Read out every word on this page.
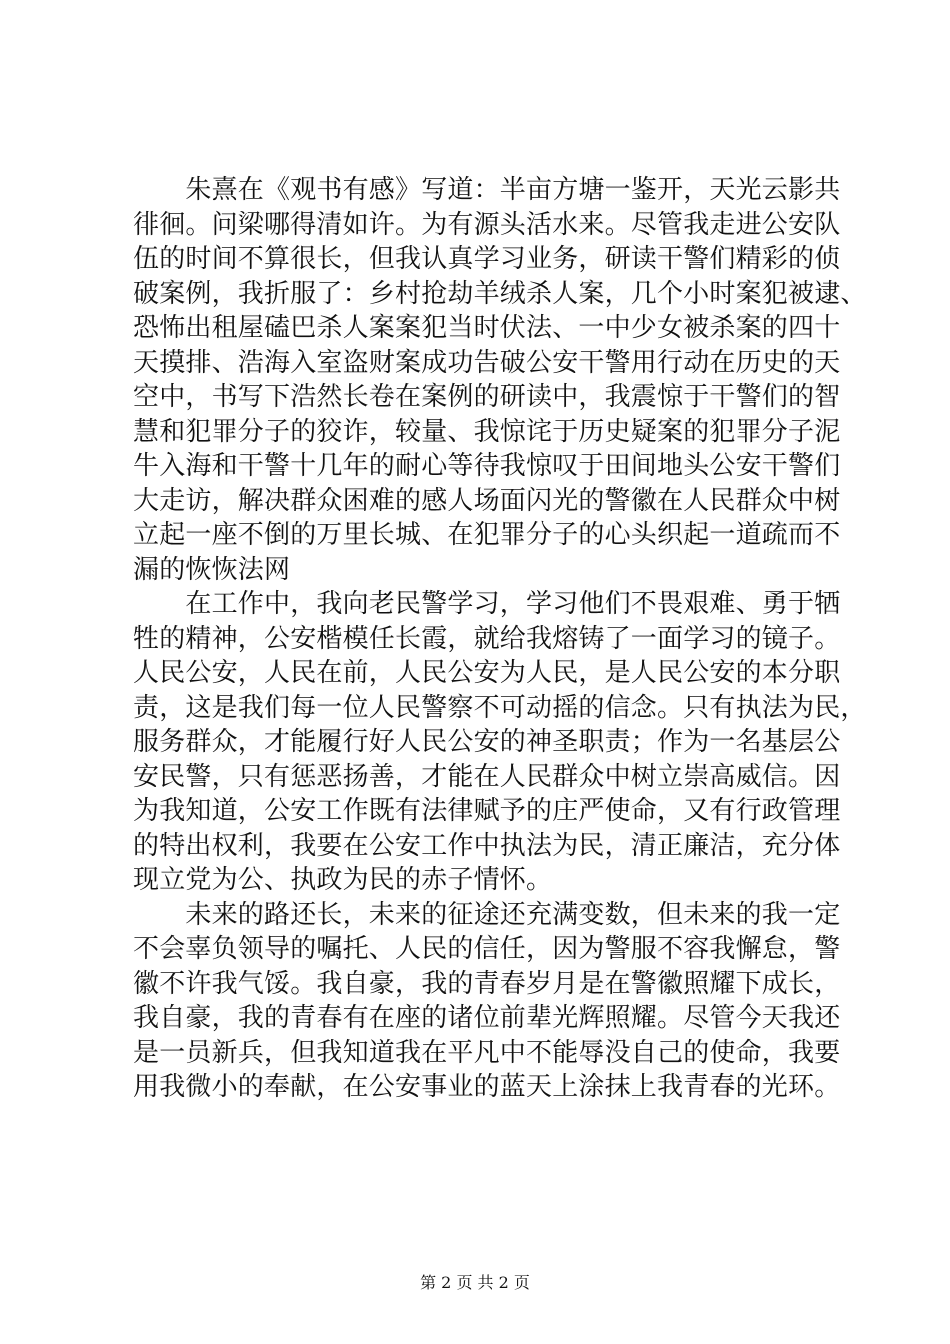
　　朱熹在《观书有感》写道：半亩方塘一鉴开，天光云影共
徘徊。问梁哪得清如许。为有源头活水来。尽管我走进公安队
伍的时间不算很长，但我认真学习业务，研读干警们精彩的侦
破案例，我折服了：乡村抢劫羊绒杀人案，几个小时案犯被逮、
恐怖出租屋磕巴杀人案案犯当时伏法、一中少女被杀案的四十
天摸排、浩海入室盗财案成功告破公安干警用行动在历史的天
空中，书写下浩然长卷在案例的研读中，我震惊于干警们的智
慧和犯罪分子的狡诈，较量、我惊诧于历史疑案的犯罪分子泥
牛入海和干警十几年的耐心等待我惊叹于田间地头公安干警们
大走访，解决群众困难的感人场面闪光的警徽在人民群众中树
立起一座不倒的万里长城、在犯罪分子的心头织起一道疏而不
漏的恢恢法网
　　在工作中，我向老民警学习，学习他们不畏艰难、勇于牺
牲的精神，公安楷模任长霞，就给我熔铸了一面学习的镜子。
人民公安，人民在前，人民公安为人民，是人民公安的本分职
责，这是我们每一位人民警察不可动摇的信念。只有执法为民，
服务群众，才能履行好人民公安的神圣职责；作为一名基层公
安民警，只有惩恶扬善，才能在人民群众中树立崇高威信。因
为我知道，公安工作既有法律赋予的庄严使命，又有行政管理
的特出权利，我要在公安工作中执法为民，清正廉洁，充分体
现立党为公、执政为民的赤子情怀。
　　未来的路还长，未来的征途还充满变数，但未来的我一定
不会辜负领导的嘱托、人民的信任，因为警服不容我懈怠，警
徽不许我气馁。我自豪，我的青春岁月是在警徽照耀下成长，
我自豪，我的青春有在座的诸位前辈光辉照耀。尽管今天我还
是一员新兵，但我知道我在平凡中不能辱没自己的使命，我要
用我微小的奉献，在公安事业的蓝天上涂抹上我青春的光环。
第 2 页 共 2 页
